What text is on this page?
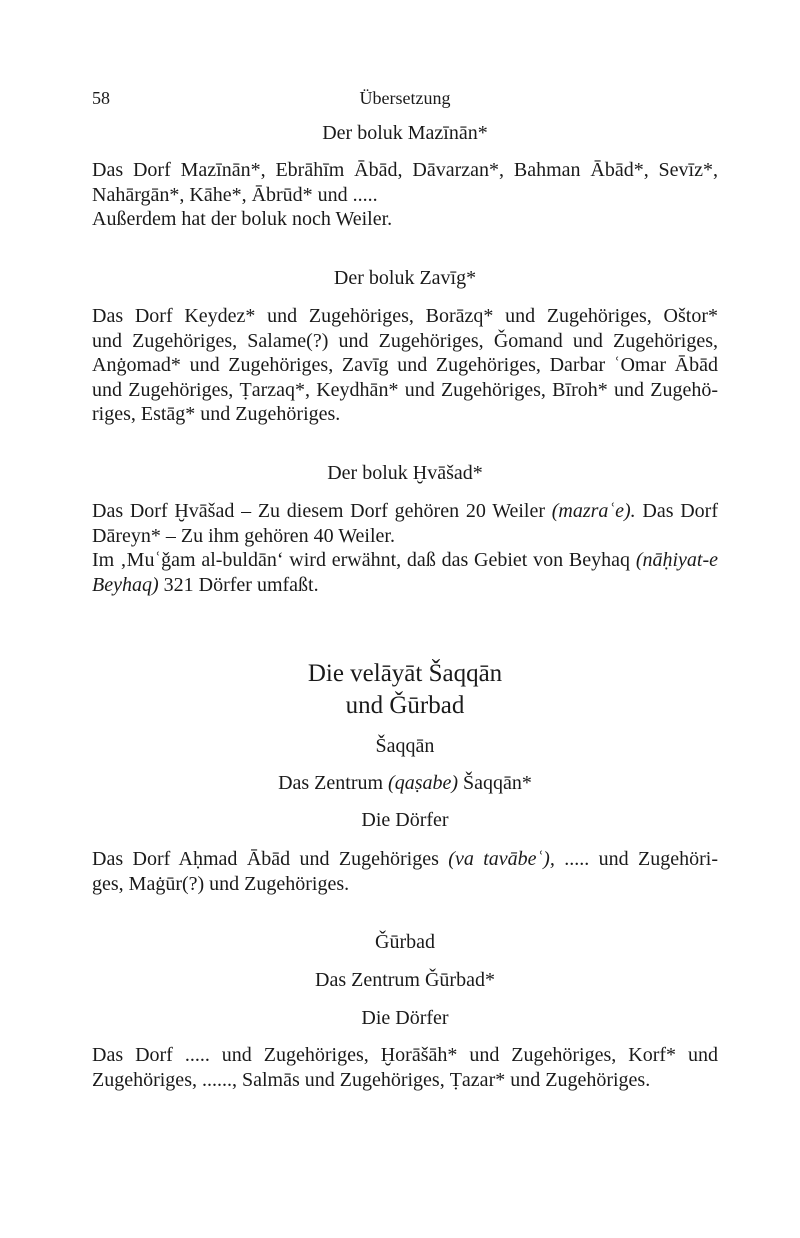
58	Übersetzung
Der boluk Mazīnān*
Das Dorf Mazīnān*, Ebrāhīm Ābād, Dāvarzan*, Bahman Ābād*, Sevīz*,
Nahārgān*, Kāhe*, Ābrūd* und .....
Außerdem hat der boluk noch Weiler.
Der boluk Zavīg*
Das Dorf Keydez* und Zugehöriges, Borāzq* und Zugehöriges, Oštor*
und Zugehöriges, Salame(?) und Zugehöriges, Ǧomand und Zugehöriges,
Anġomad* und Zugehöriges, Zavīg und Zugehöriges, Darbar ʿOmar Ābād
und Zugehöriges, Ṭarzaq*, Keydhān* und Zugehöriges, Bīroh* und Zugehö-
riges, Estāg* und Zugehöriges.
Der boluk Ḫvāšad*
Das Dorf Ḫvāšad – Zu diesem Dorf gehören 20 Weiler (mazraʿe). Das Dorf
Dāreyn* – Zu ihm gehören 40 Weiler.
Im ‚Muʿǧam al-buldān‘ wird erwähnt, daß das Gebiet von Beyhaq (nāḥiyat-e
Beyhaq) 321 Dörfer umfaßt.
Die velāyāt Šaqqān
und Ǧūrbad
Šaqqān
Das Zentrum (qaṣabe) Šaqqān*
Die Dörfer
Das Dorf Aḥmad Ābād und Zugehöriges (va tavābeʿ), ..... und Zugehöri-
ges, Maġūr(?) und Zugehöriges.
Ǧūrbad
Das Zentrum Ǧūrbad*
Die Dörfer
Das Dorf ..... und Zugehöriges, Ḫorāšāh* und Zugehöriges, Korf* und
Zugehöriges, ......, Salmās und Zugehöriges, Ṭazar* und Zugehöriges.
